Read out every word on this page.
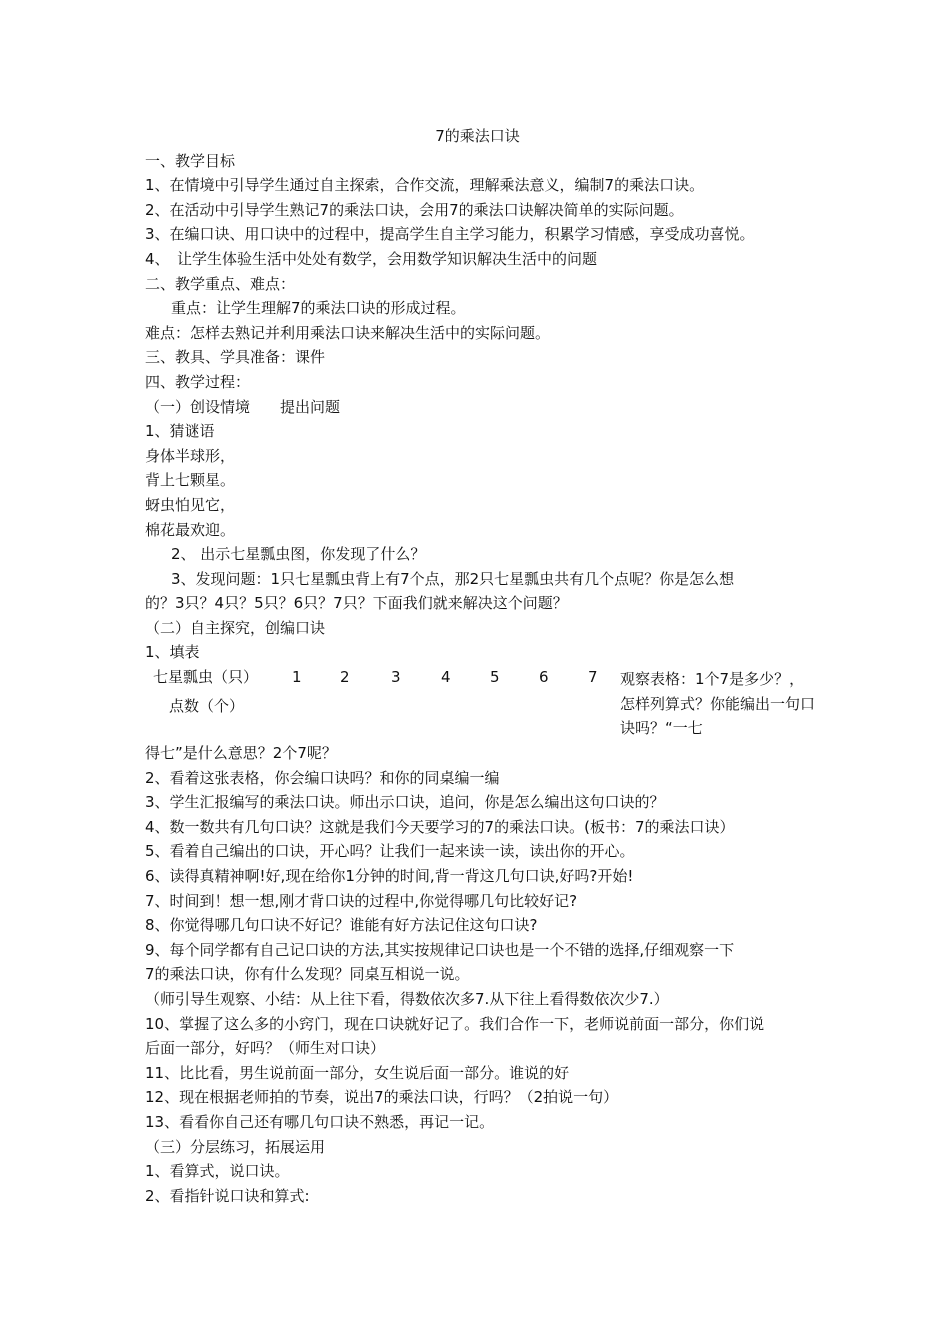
7的乘法口诀
一、教学目标
1、在情境中引导学生通过自主探索，合作交流，理解乘法意义，编制7的乘法口诀。
2、在活动中引导学生熟记7的乘法口诀，会用7的乘法口诀解决简单的实际问题。
3、在编口诀、用口诀中的过程中，提高学生自主学习能力，积累学习情感，享受成功喜悦。
4、　让学生体验生活中处处有数学，会用数学知识解决生活中的问题
二、教学重点、难点：
重点：让学生理解7的乘法口诀的形成过程。
难点：怎样去熟记并利用乘法口诀来解决生活中的实际问题。
三、教具、学具准备：课件
四、教学过程：
（一）创设情境　　提出问题
1、猜谜语
身体半球形，
背上七颗星。
蚜虫怕见它，
棉花最欢迎。
2、 出示七星瓢虫图，你发现了什么？
3、发现问题：1只七星瓢虫背上有7个点，那2只七星瓢虫共有几个点呢？你是怎么想
的？3只？4只？5只？6只？7只？下面我们就来解决这个问题？
（二）自主探究，创编口诀
1、填表
七星瓢虫（只） 1	2	3	4	5	6	7
点数（个）
观察表格：1个7是多少？，怎样列算式？你能编出一句口诀吗？“一七
得七”是什么意思？2个7呢？
2、看着这张表格，你会编口诀吗？和你的同桌编一编
3、学生汇报编写的乘法口诀。师出示口诀，追问，你是怎么编出这句口诀的？
4、数一数共有几句口诀？这就是我们今天要学习的7的乘法口诀。(板书：7的乘法口诀）
5、看着自己编出的口诀，开心吗？让我们一起来读一读，读出你的开心。
6、读得真精神啊!好,现在给你1分钟的时间,背一背这几句口诀,好吗?开始!
7、时间到！想一想,刚才背口诀的过程中,你觉得哪几句比较好记?
8、你觉得哪几句口诀不好记？谁能有好方法记住这句口诀?
9、每个同学都有自己记口诀的方法,其实按规律记口诀也是一个不错的选择,仔细观察一下
7的乘法口诀，你有什么发现？同桌互相说一说。
（师引导生观察、小结：从上往下看，得数依次多7.从下往上看得数依次少7.）
10、掌握了这么多的小窍门，现在口诀就好记了。我们合作一下，老师说前面一部分，你们说
后面一部分，好吗？（师生对口诀）
11、比比看，男生说前面一部分，女生说后面一部分。谁说的好
12、现在根据老师拍的节奏，说出7的乘法口诀，行吗？（2拍说一句）
13、看看你自己还有哪几句口诀不熟悉，再记一记。
（三）分层练习，拓展运用
1、看算式，说口诀。
2、看指针说口诀和算式:
